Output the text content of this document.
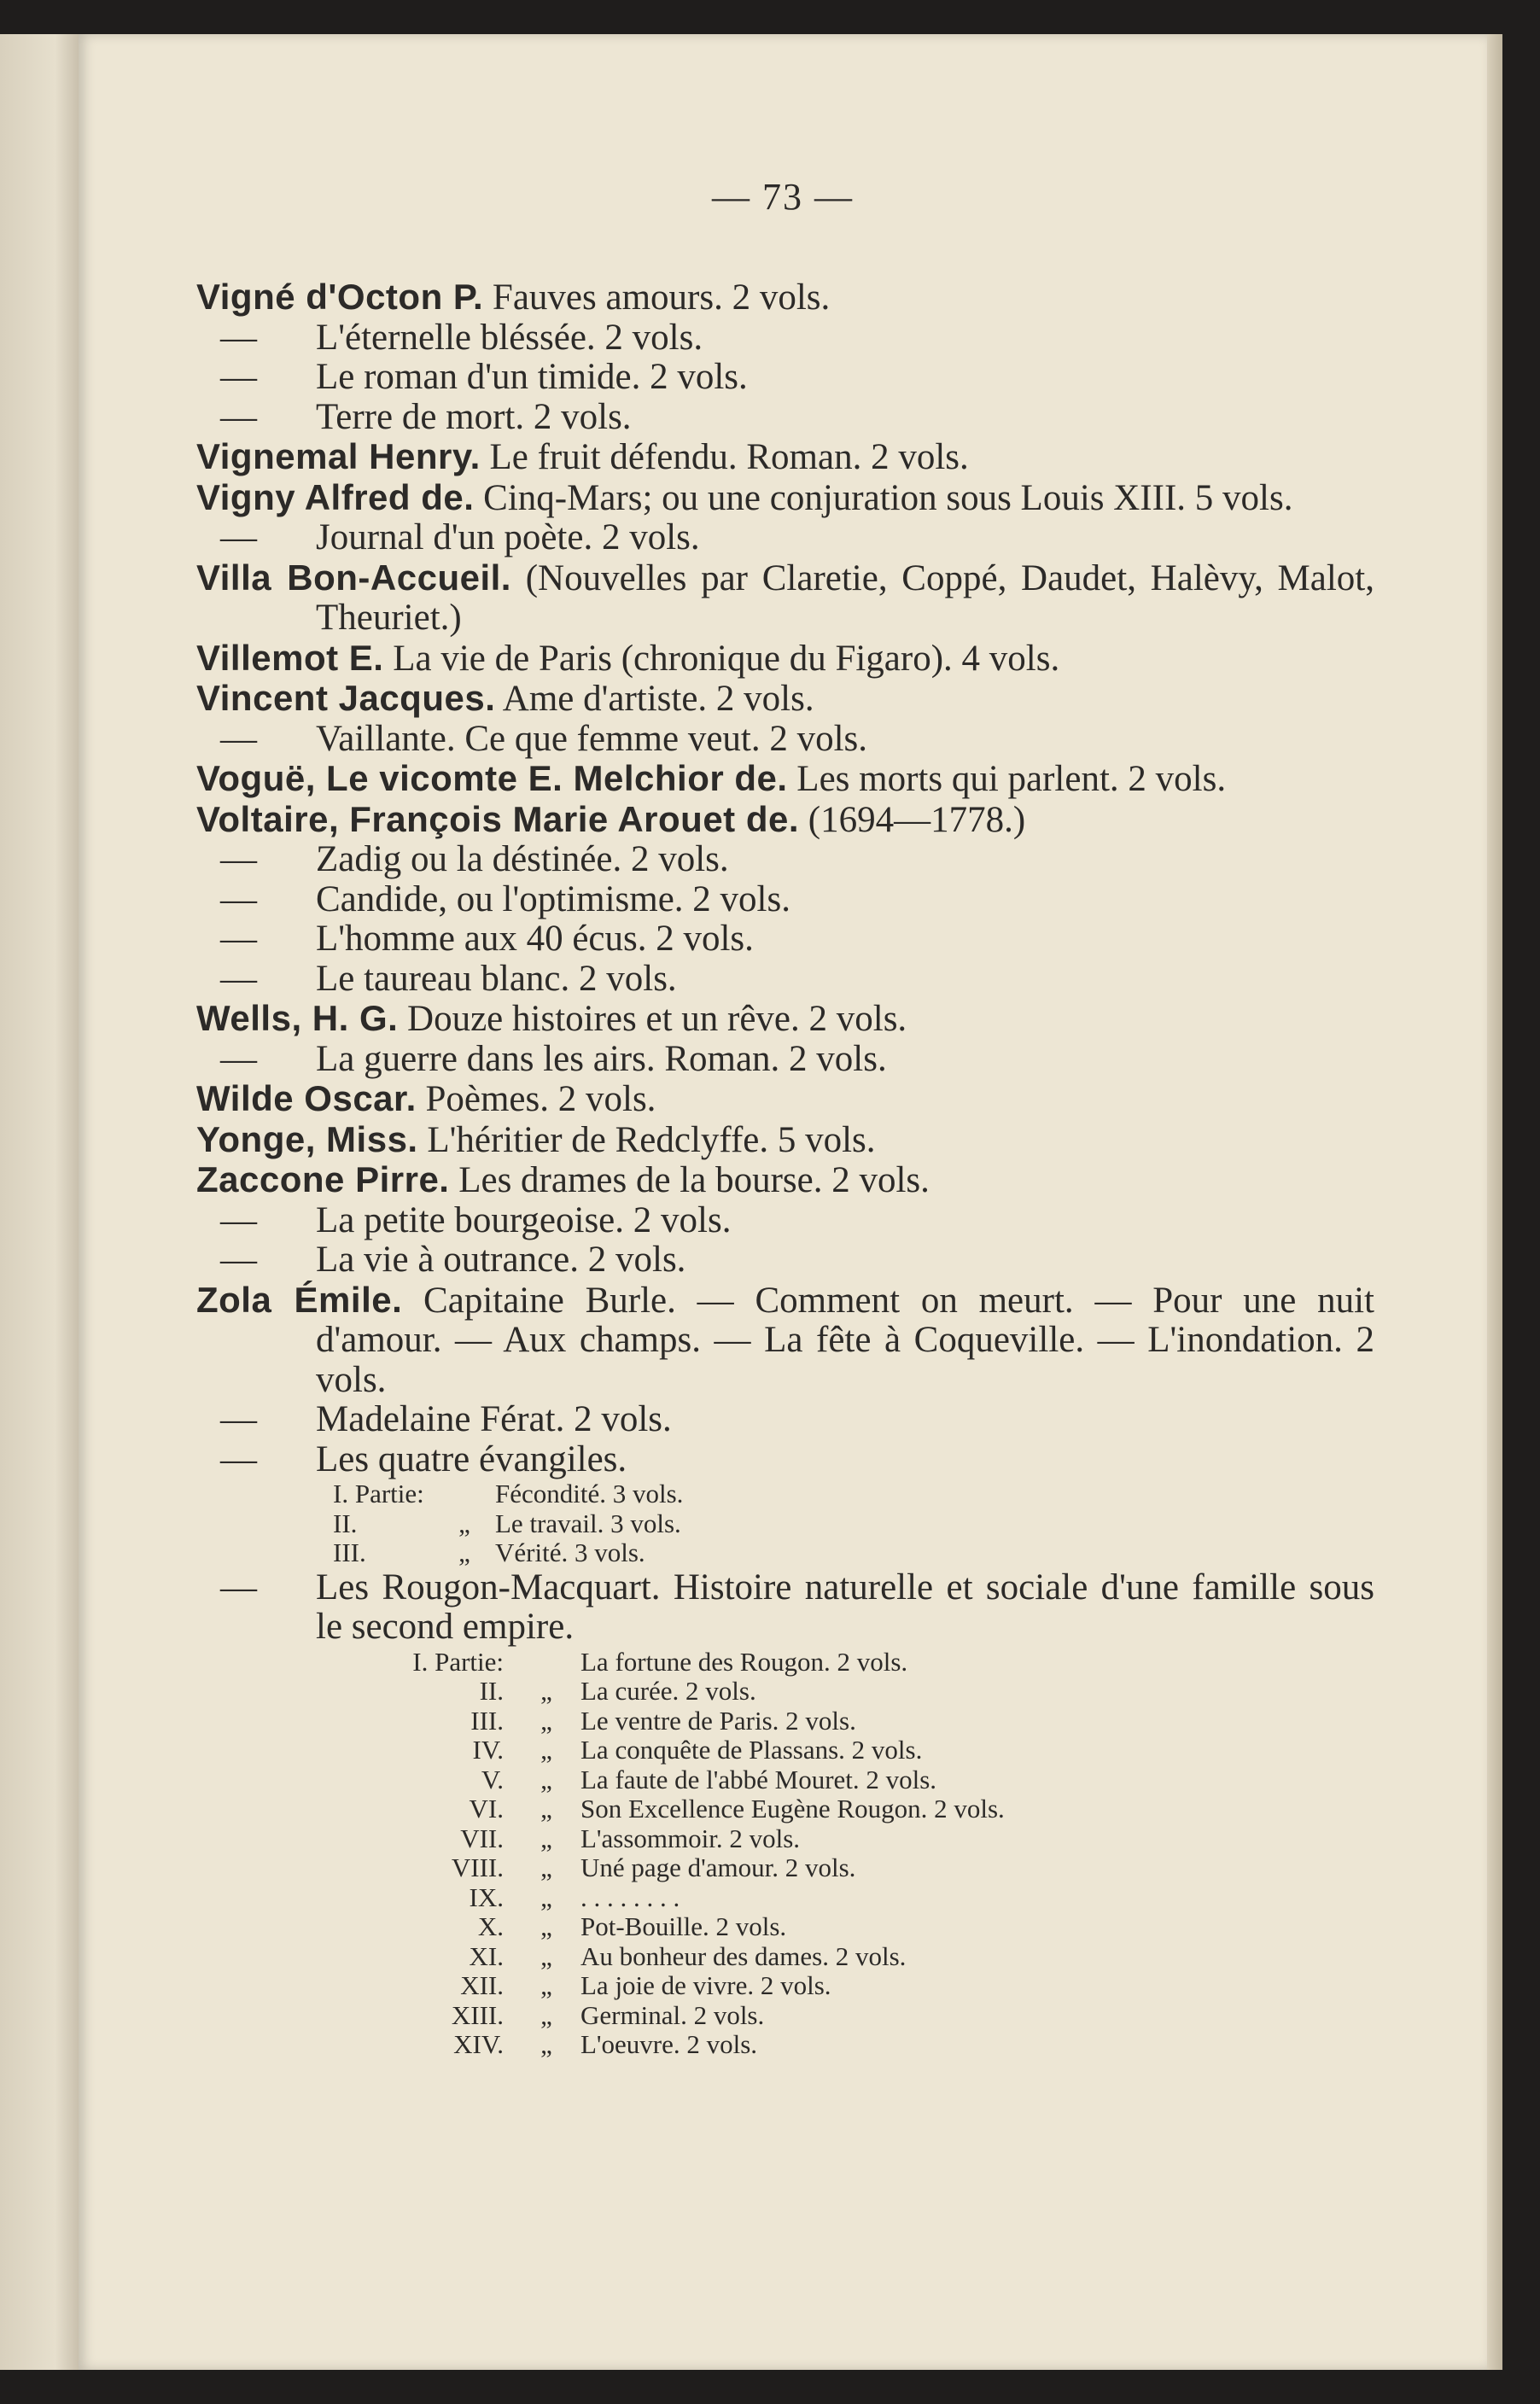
— 73 —

Vigné d'Octon P. Fauves amours. 2 vols.

— L'éternelle bléssée. 2 vols.

— Le roman d'un timide. 2 vols.

— Terre de mort. 2 vols.

Vignemal Henry. Le fruit défendu. Roman. 2 vols.

Vigny Alfred de. Cinq-Mars; ou une conjuration sous Louis XIII. 5 vols.

— Journal d'un poète. 2 vols.

Villa Bon-Accueil. (Nouvelles par Claretie, Coppé, Daudet, Halèvy, Malot, Theuriet.)

Villemot E. La vie de Paris (chronique du Figaro). 4 vols.

Vincent Jacques. Ame d'artiste. 2 vols.

— Vaillante. Ce que femme veut. 2 vols.

Voguë, Le vicomte E. Melchior de. Les morts qui parlent. 2 vols.

Voltaire, François Marie Arouet de. (1694—1778.)

— Zadig ou la déstinée. 2 vols.

— Candide, ou l'optimisme. 2 vols.

— L'homme aux 40 écus. 2 vols.

— Le taureau blanc. 2 vols.

Wells, H. G. Douze histoires et un rêve. 2 vols.

— La guerre dans les airs. Roman. 2 vols.

Wilde Oscar. Poèmes. 2 vols.

Yonge, Miss. L'héritier de Redclyffe. 5 vols.

Zaccone Pirre. Les drames de la bourse. 2 vols.

— La petite bourgeoise. 2 vols.

— La vie à outrance. 2 vols.

Zola Émile. Capitaine Burle. — Comment on meurt. — Pour une nuit d'amour. — Aux champs. — La fête à Coqueville. — L'inondation. 2 vols.

— Madelaine Férat. 2 vols.

— Les quatre évangiles.

I. Partie:	Fécondité. 3 vols.
II.	„ Le travail. 3 vols.
III.	„ Vérité. 3 vols.

— Les Rougon-Macquart. Histoire naturelle et sociale d'une famille sous le second empire.

I. Partie:	La fortune des Rougon. 2 vols.
II.	„	La curée. 2 vols.
III.	„	Le ventre de Paris. 2 vols.
IV.	„	La conquête de Plassans. 2 vols.
V.	„	La faute de l'abbé Mouret. 2 vols.
VI.	„	Son Excellence Eugène Rougon. 2 vols.
VII.	„	L'assommoir. 2 vols.
VIII.	„	Uné page d'amour. 2 vols.
IX.	„	. . . . . . . .
X.	„	Pot-Bouille. 2 vols.
XI.	„	Au bonheur des dames. 2 vols.
XII.	„	La joie de vivre. 2 vols.
XIII.	„	Germinal. 2 vols.
XIV.	„	L'oeuvre. 2 vols.
